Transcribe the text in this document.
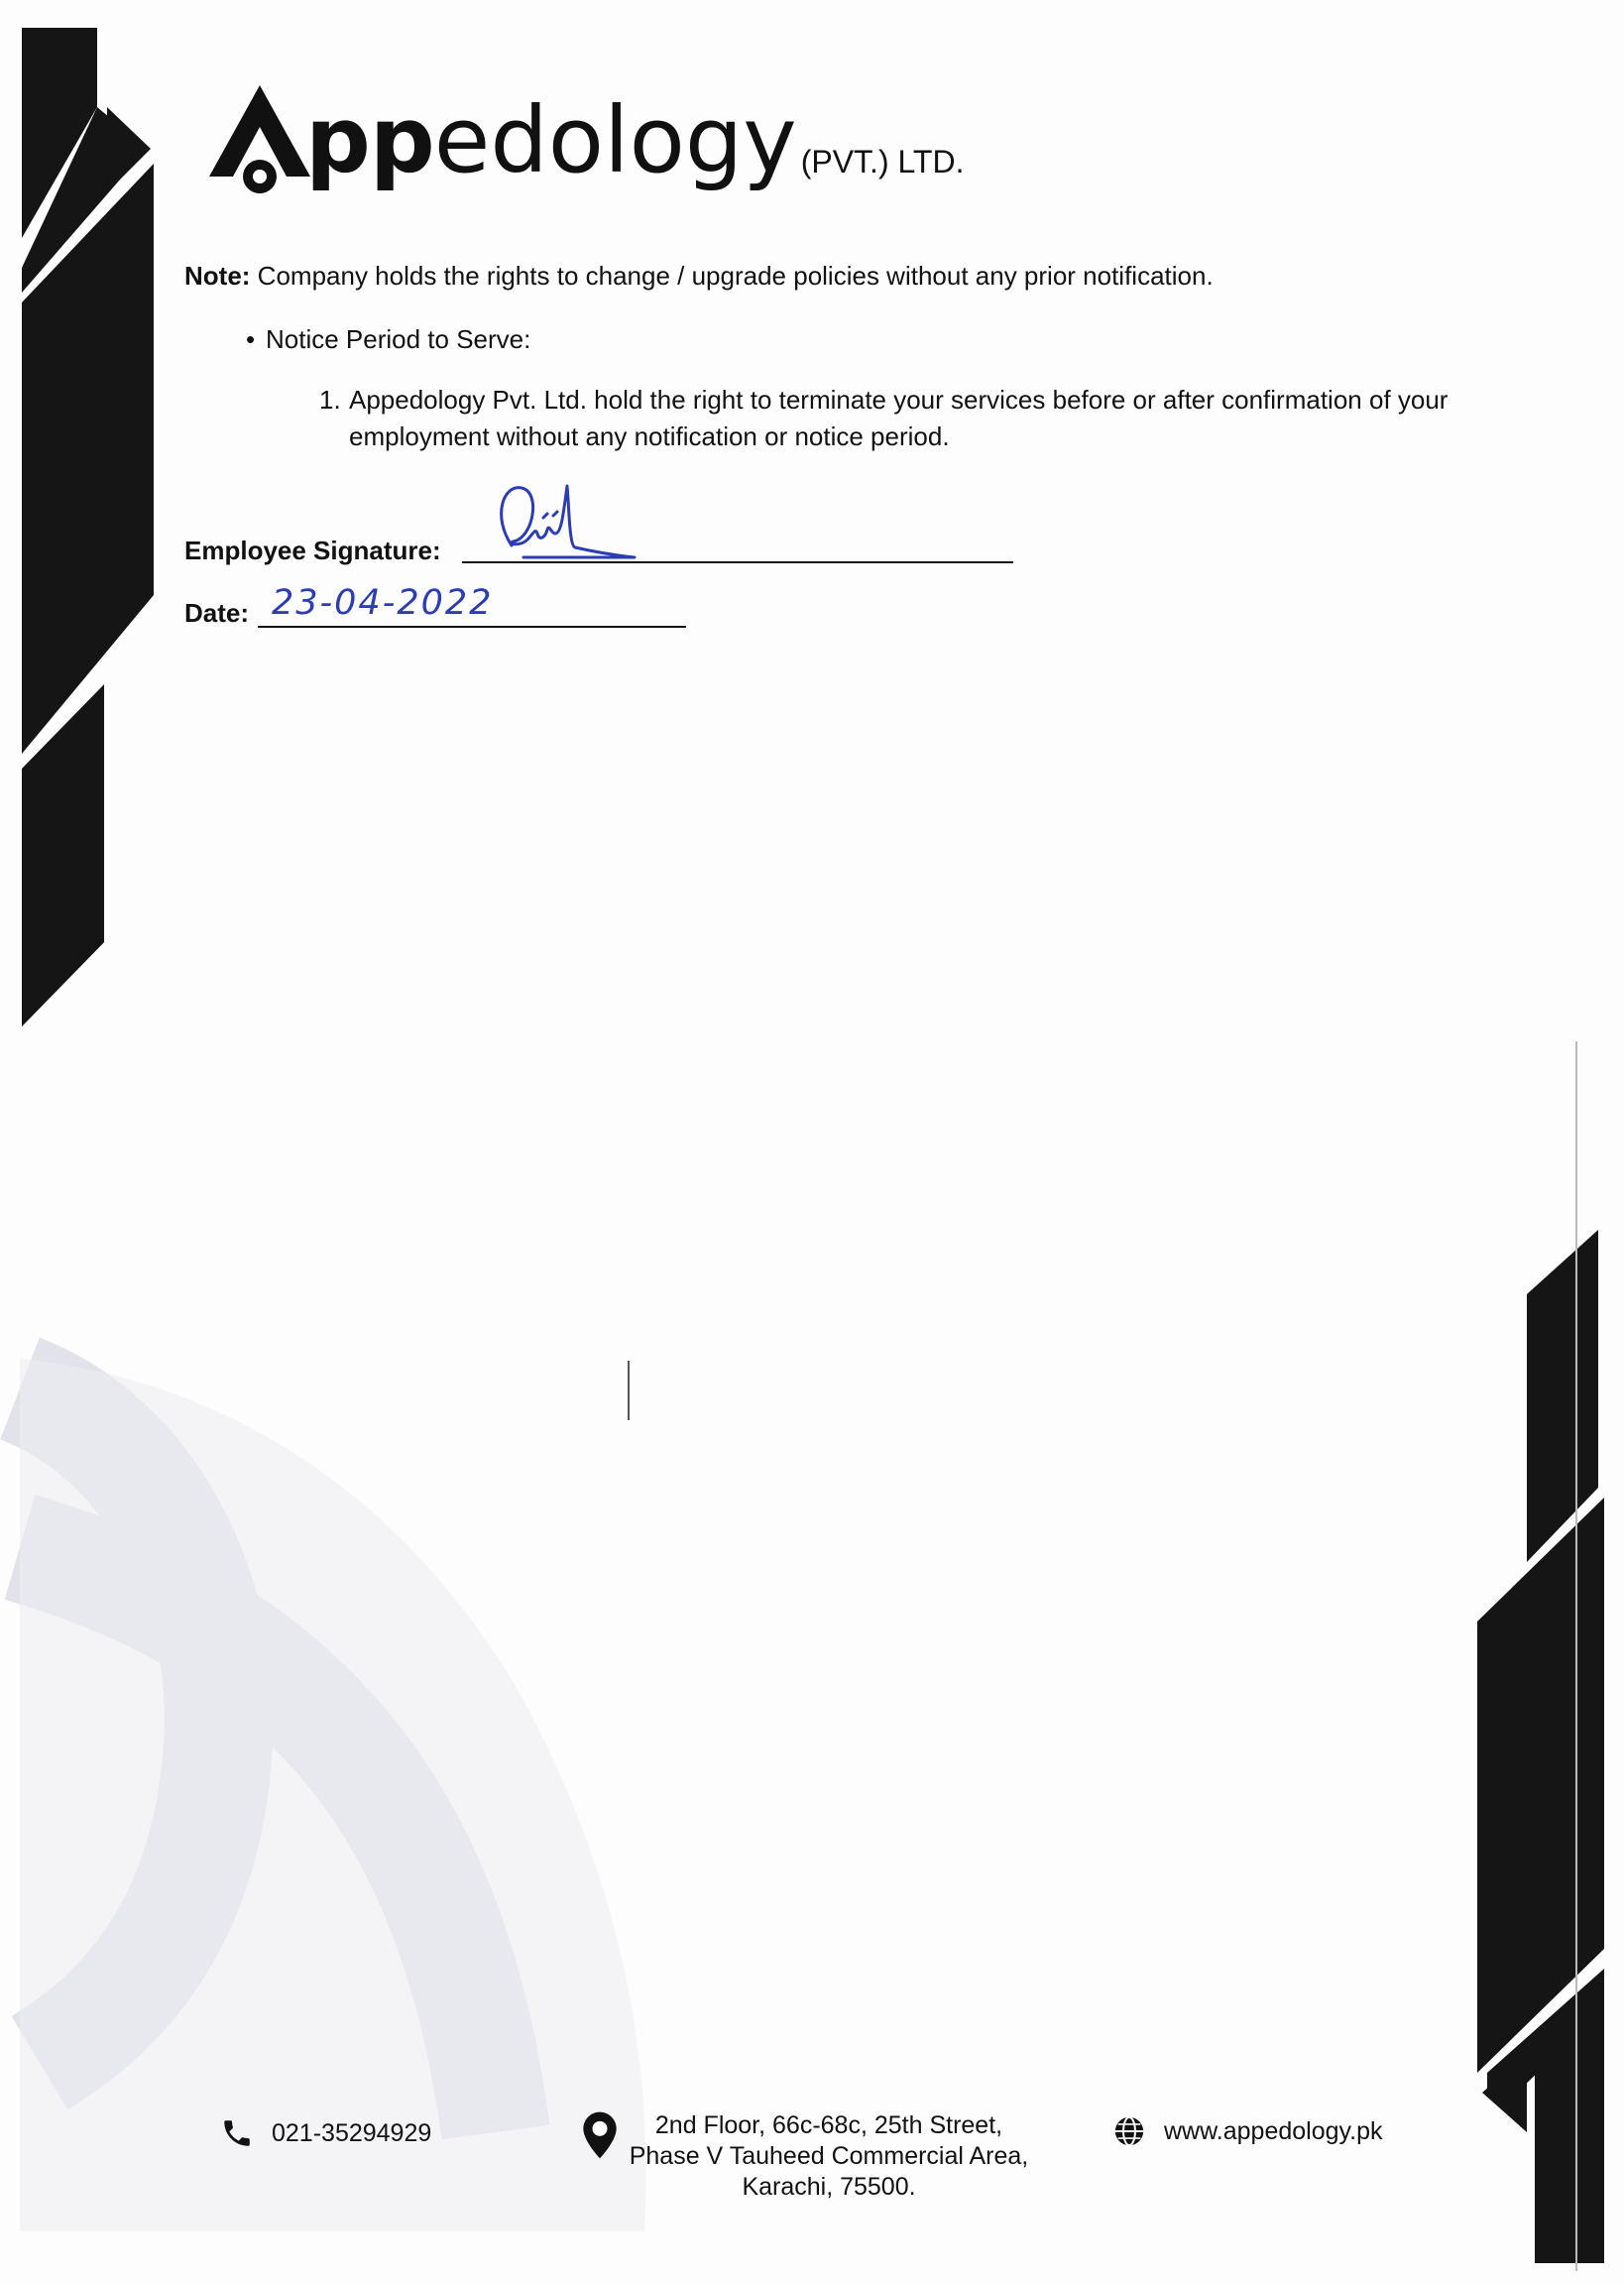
ppedology (PVT.) LTD.
Note: Company holds the rights to change / upgrade policies without any prior notification.
• Notice Period to Serve:
1. Appedology Pvt. Ltd. hold the right to terminate your services before or after confirmation of your employment without any notification or notice period.
Employee Signature:
Date: 23-04-2022
021-35294929	2nd Floor, 66c-68c, 25th Street,
Phase V Tauheed Commercial Area,
Karachi, 75500.
www.appedology.pk
